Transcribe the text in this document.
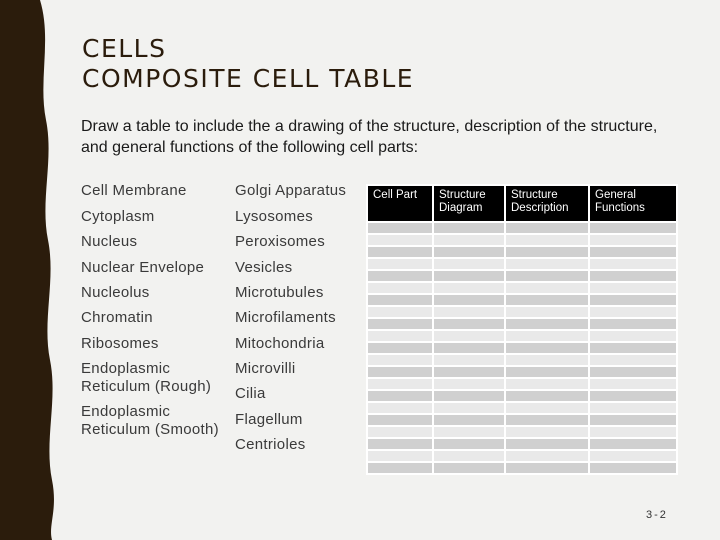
CELLS
COMPOSITE CELL TABLE
Draw a table to include the a drawing of the structure, description of the structure, and general functions of the following cell parts:
Cell Membrane
Cytoplasm
Nucleus
Nuclear Envelope
Nucleolus
Chromatin
Ribosomes
Endoplasmic Reticulum (Rough)
Endoplasmic Reticulum (Smooth)
Golgi Apparatus
Lysosomes
Peroxisomes
Vesicles
Microtubules
Microfilaments
Mitochondria
Microvilli
Cilia
Flagellum
Centrioles
Cell Part	Structure Diagram	Structure Description	General Functions

3-2
